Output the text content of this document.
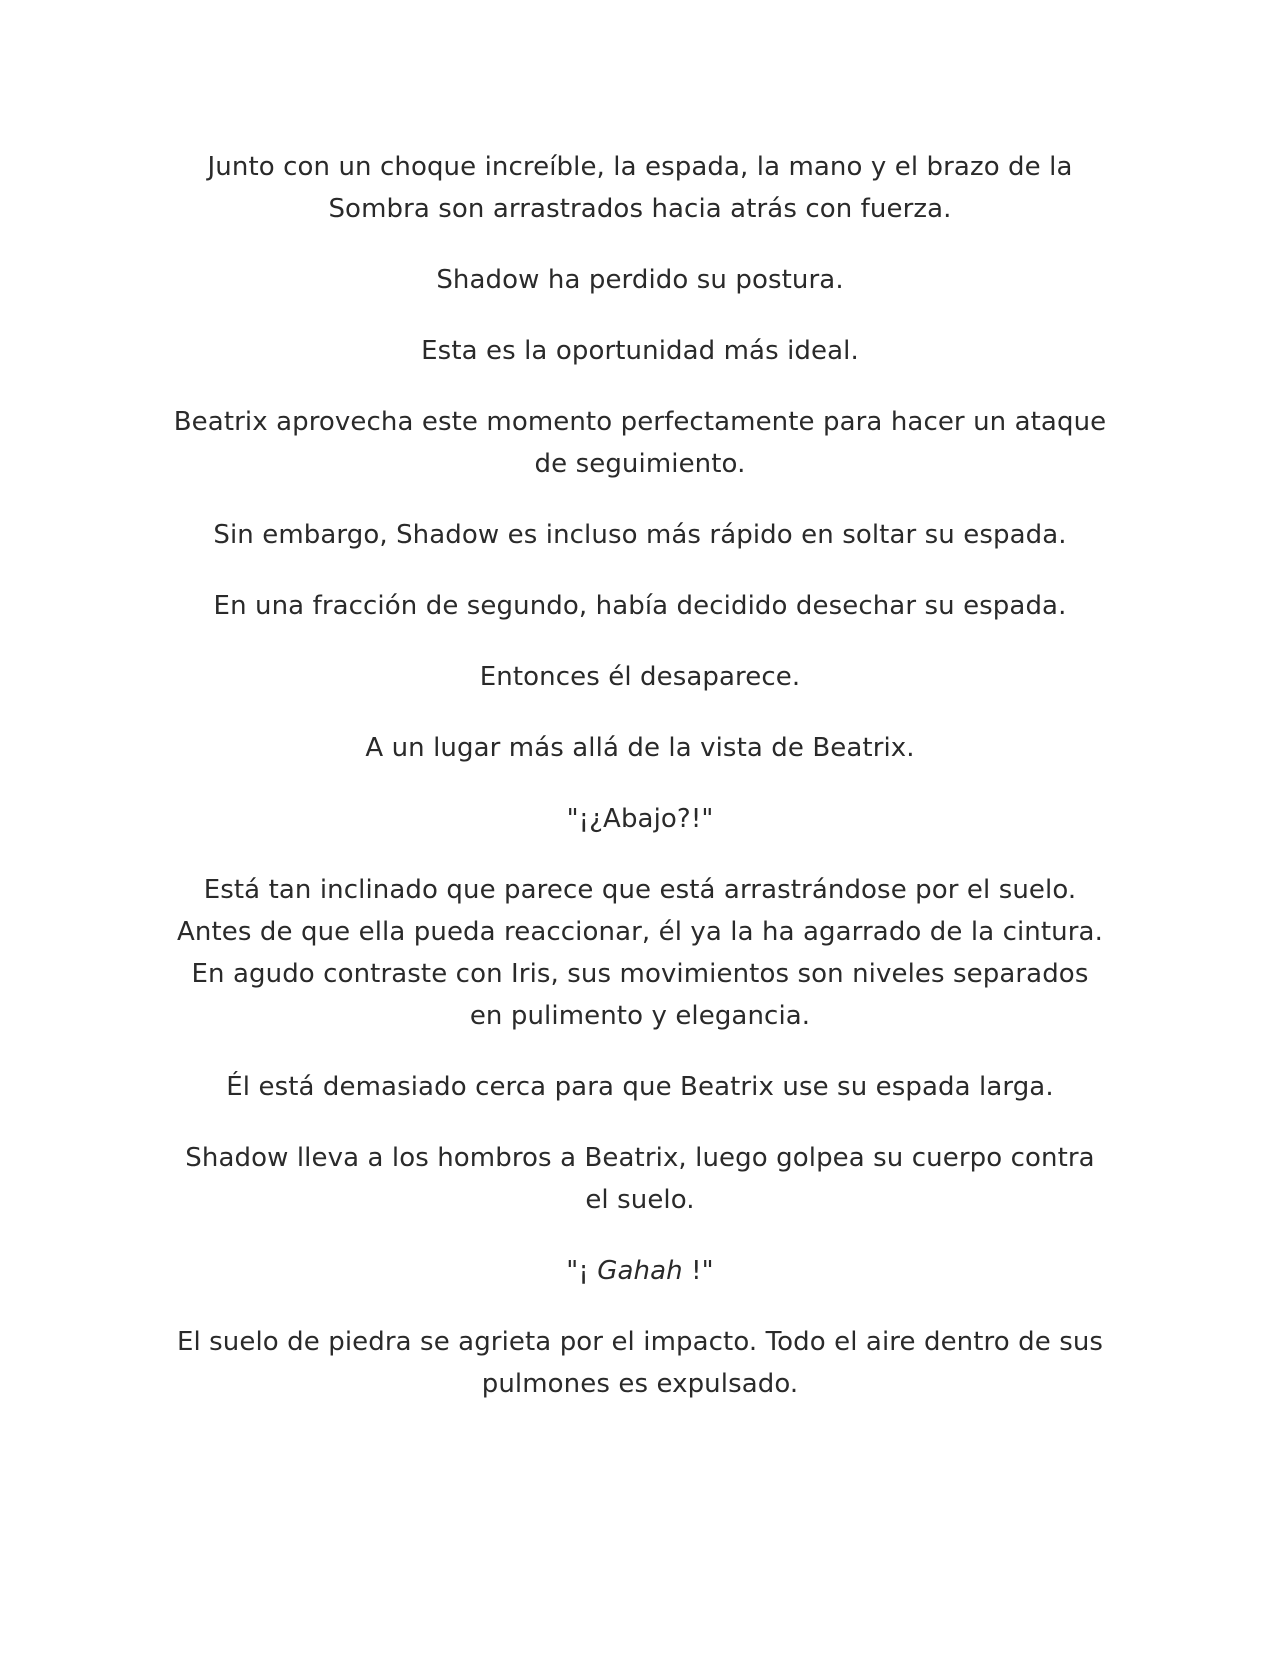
Junto con un choque increíble, la espada, la mano y el brazo de la Sombra son arrastrados hacia atrás con fuerza.

Shadow ha perdido su postura.

Esta es la oportunidad más ideal.

Beatrix aprovecha este momento perfectamente para hacer un ataque de seguimiento.

Sin embargo, Shadow es incluso más rápido en soltar su espada.

En una fracción de segundo, había decidido desechar su espada.

Entonces él desaparece.

A un lugar más allá de la vista de Beatrix.

"¡¿Abajo?!"

Está tan inclinado que parece que está arrastrándose por el suelo. Antes de que ella pueda reaccionar, él ya la ha agarrado de la cintura. En agudo contraste con Iris, sus movimientos son niveles separados en pulimento y elegancia.

Él está demasiado cerca para que Beatrix use su espada larga.

Shadow lleva a los hombros a Beatrix, luego golpea su cuerpo contra el suelo.

"¡ Gahah !"

El suelo de piedra se agrieta por el impacto. Todo el aire dentro de sus pulmones es expulsado.
